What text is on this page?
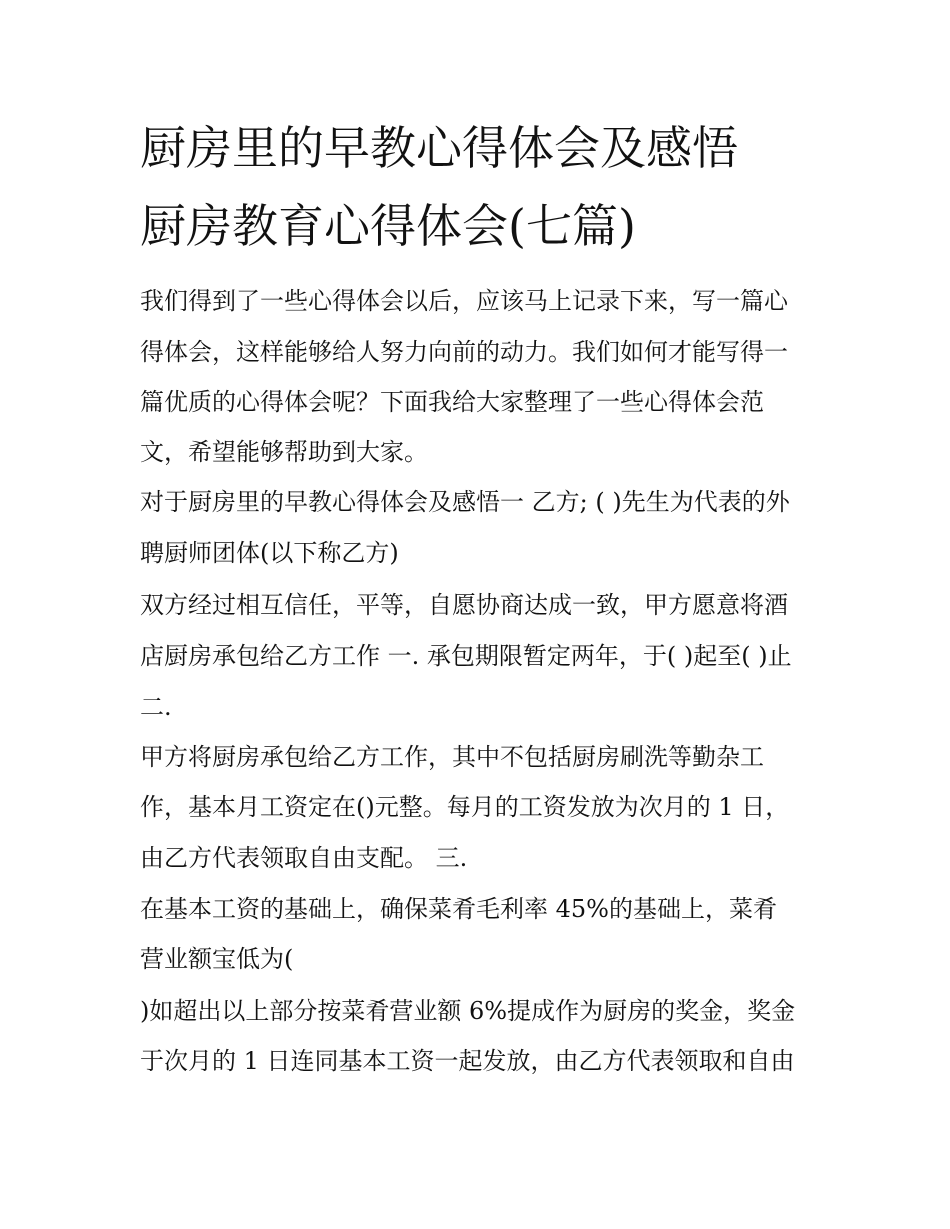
厨房里的早教心得体会及感悟
厨房教育心得体会(七篇)
我们得到了一些心得体会以后，应该马上记录下来，写一篇心
得体会，这样能够给人努力向前的动力。我们如何才能写得一
篇优质的心得体会呢？下面我给大家整理了一些心得体会范
文，希望能够帮助到大家。
对于厨房里的早教心得体会及感悟一 乙方; ( )先生为代表的外
聘厨师团体(以下称乙方)
双方经过相互信任，平等，自愿协商达成一致，甲方愿意将酒
店厨房承包给乙方工作 一. 承包期限暂定两年，于( )起至( )止
二.
甲方将厨房承包给乙方工作，其中不包括厨房刷洗等勤杂工
作，基本月工资定在()元整。每月的工资发放为次月的 1 日，
由乙方代表领取自由支配。 三.
在基本工资的基础上，确保菜肴毛利率 45%的基础上，菜肴
营业额宝低为(
)如超出以上部分按菜肴营业额 6%提成作为厨房的奖金，奖金
于次月的 1 日连同基本工资一起发放，由乙方代表领取和自由
